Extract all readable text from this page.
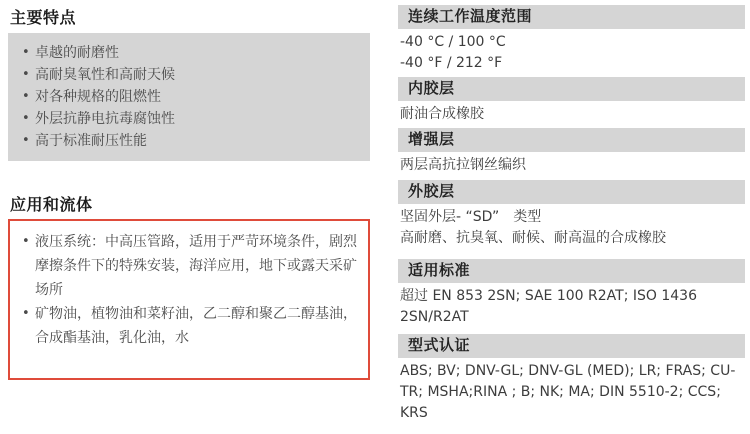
主要特点
• 卓越的耐磨性
• 高耐臭氧性和高耐天候
• 对各种规格的阻燃性
• 外层抗静电抗毒腐蚀性
• 高于标准耐压性能
应用和流体
• 液压系统：中高压管路，适用于严苛环境条件，剧烈摩擦条件下的特殊安装，海洋应用，地下或露天采矿场所
• 矿物油，植物油和菜籽油，乙二醇和聚乙二醇基油，合成酯基油，乳化油，水
连续工作温度范围
-40 °C / 100 °C
-40 °F / 212 °F
内胶层
耐油合成橡胶
增强层
两层高抗拉钢丝编织
外胶层
坚固外层- “SD”　类型
高耐磨、抗臭氧、耐候、耐高温的合成橡胶
适用标准
超过 EN 853 2SN; SAE 100 R2AT; ISO 1436 2SN/R2AT
型式认证
ABS; BV; DNV-GL; DNV-GL (MED); LR; FRAS; CU-TR; MSHA;RINA ; B; NK; MA; DIN 5510-2; CCS; KRS
